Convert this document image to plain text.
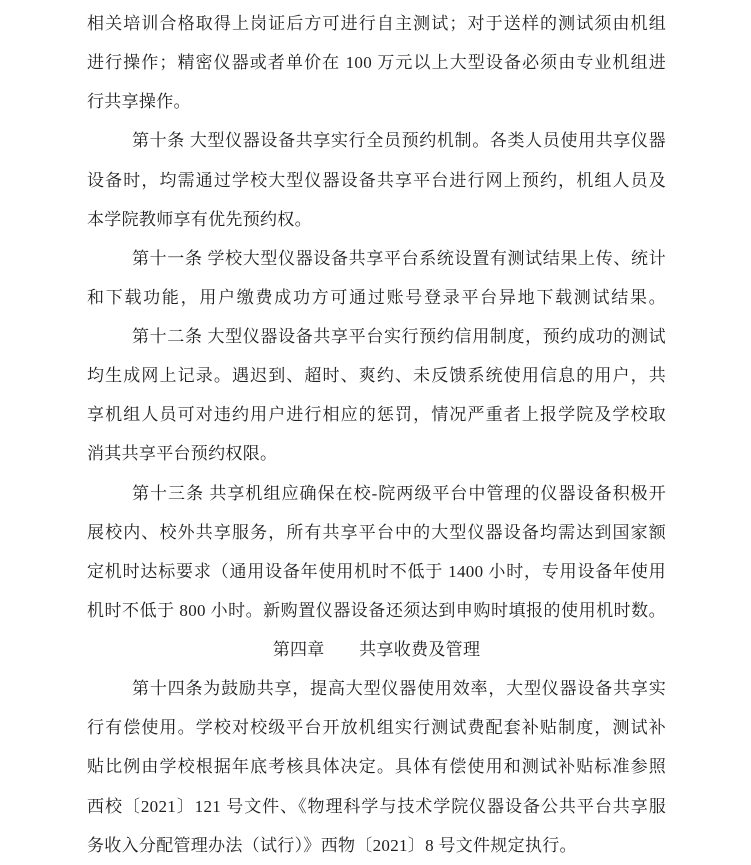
相关培训合格取得上岗证后方可进行自主测试；对于送样的测试须由机组
进行操作；精密仪器或者单价在 100 万元以上大型设备必须由专业机组进
行共享操作。
第十条 大型仪器设备共享实行全员预约机制。各类人员使用共享仪器
设备时，均需通过学校大型仪器设备共享平台进行网上预约，机组人员及
本学院教师享有优先预约权。
第十一条 学校大型仪器设备共享平台系统设置有测试结果上传、统计
和下载功能，用户缴费成功方可通过账号登录平台异地下载测试结果。
第十二条 大型仪器设备共享平台实行预约信用制度，预约成功的测试
均生成网上记录。遇迟到、超时、爽约、未反馈系统使用信息的用户，共
享机组人员可对违约用户进行相应的惩罚，情况严重者上报学院及学校取
消其共享平台预约权限。
第十三条 共享机组应确保在校-院两级平台中管理的仪器设备积极开
展校内、校外共享服务，所有共享平台中的大型仪器设备均需达到国家额
定机时达标要求（通用设备年使用机时不低于 1400 小时，专用设备年使用
机时不低于 800 小时。新购置仪器设备还须达到申购时填报的使用机时数。
第四章　　共享收费及管理
第十四条为鼓励共享，提高大型仪器使用效率，大型仪器设备共享实
行有偿使用。学校对校级平台开放机组实行测试费配套补贴制度，测试补
贴比例由学校根据年底考核具体决定。具体有偿使用和测试补贴标准参照
西校〔2021〕121 号文件、《物理科学与技术学院仪器设备公共平台共享服
务收入分配管理办法（试行）》西物〔2021〕8 号文件规定执行。
